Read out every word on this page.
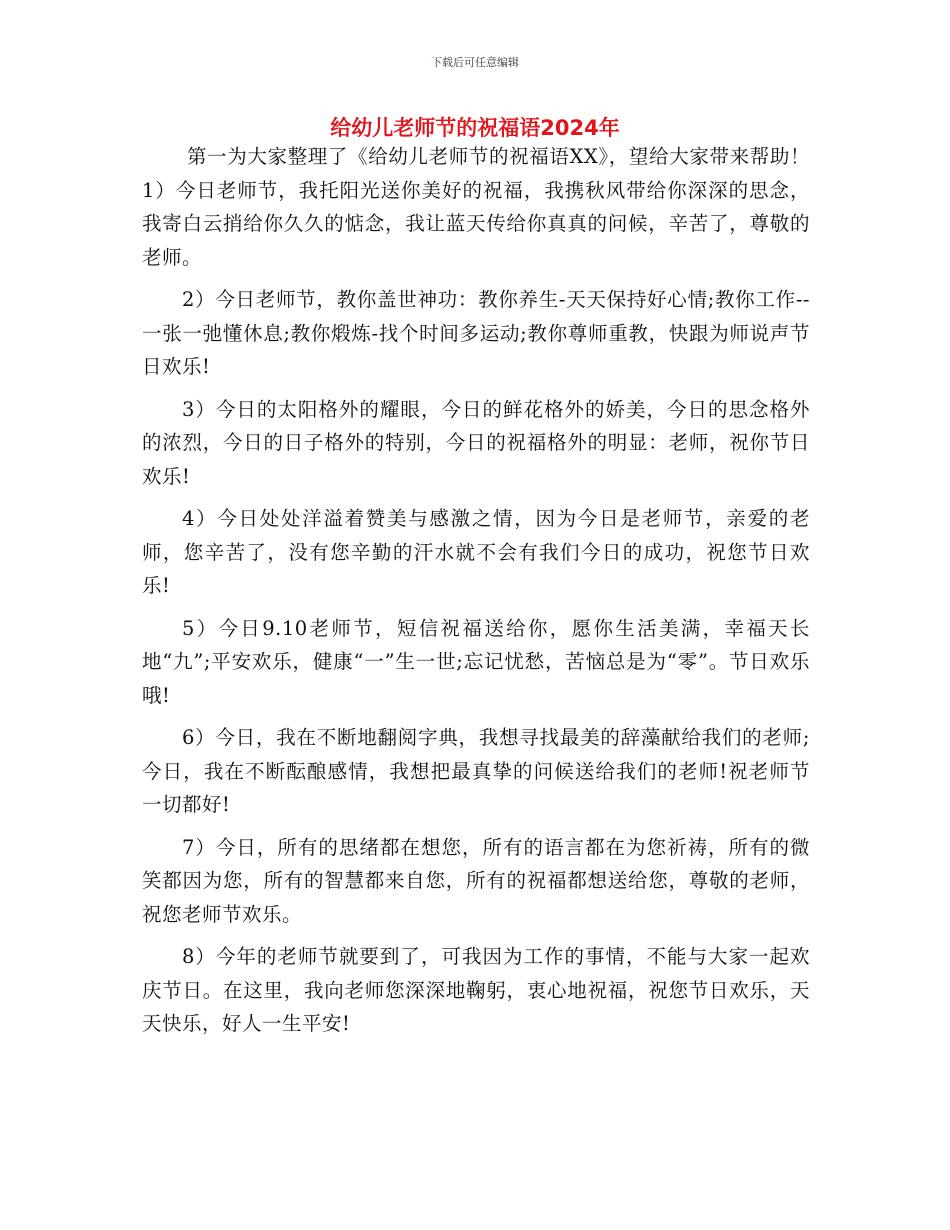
下载后可任意编辑
给幼儿老师节的祝福语2024年

第一为大家整理了《给幼儿老师节的祝福语XX》，望给大家带来帮助！　1）今日老师节，我托阳光送你美好的祝福，我携秋风带给你深深的思念，我寄白云捎给你久久的惦念，我让蓝天传给你真真的问候，辛苦了，尊敬的老师。

2）今日老师节，教你盖世神功：教你养生-天天保持好心情;教你工作--一张一弛懂休息;教你煅炼-找个时间多运动;教你尊师重教，快跟为师说声节日欢乐!

3）今日的太阳格外的耀眼，今日的鲜花格外的娇美，今日的思念格外的浓烈，今日的日子格外的特别，今日的祝福格外的明显：老师，祝你节日欢乐!

4）今日处处洋溢着赞美与感激之情，因为今日是老师节，亲爱的老师，您辛苦了，没有您辛勤的汗水就不会有我们今日的成功，祝您节日欢乐!

5）今日9.10老师节，短信祝福送给你，愿你生活美满，幸福天长地“九”;平安欢乐，健康“一”生一世;忘记忧愁，苦恼总是为“零”。节日欢乐哦!

6）今日，我在不断地翻阅字典，我想寻找最美的辞藻献给我们的老师;今日，我在不断酝酿感情，我想把最真挚的问候送给我们的老师!祝老师节一切都好!

7）今日，所有的思绪都在想您，所有的语言都在为您祈祷，所有的微笑都因为您，所有的智慧都来自您，所有的祝福都想送给您，尊敬的老师，祝您老师节欢乐。

8）今年的老师节就要到了，可我因为工作的事情，不能与大家一起欢庆节日。在这里，我向老师您深深地鞠躬，衷心地祝福，祝您节日欢乐，天天快乐，好人一生平安!
